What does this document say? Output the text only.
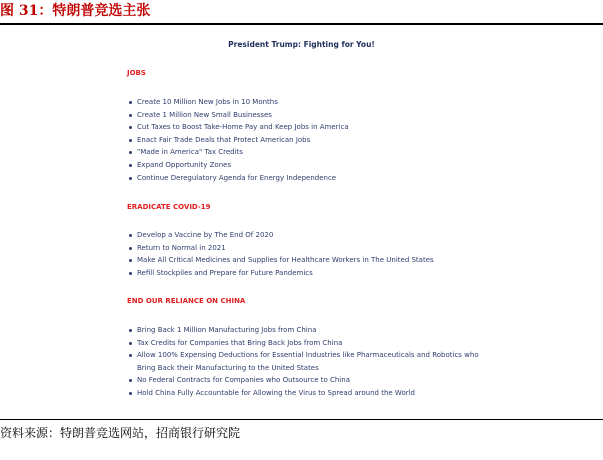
图 31：特朗普竞选主张
President Trump: Fighting for You!
JOBS
Create 10 Million New Jobs in 10 Months
Create 1 Million New Small Businesses
Cut Taxes to Boost Take-Home Pay and Keep Jobs in America
Enact Fair Trade Deals that Protect American Jobs
"Made in America" Tax Credits
Expand Opportunity Zones
Continue Deregulatory Agenda for Energy Independence
ERADICATE COVID-19
Develop a Vaccine by The End Of 2020
Return to Normal in 2021
Make All Critical Medicines and Supplies for Healthcare Workers in The United States
Refill Stockpiles and Prepare for Future Pandemics
END OUR RELIANCE ON CHINA
Bring Back 1 Million Manufacturing Jobs from China
Tax Credits for Companies that Bring Back Jobs from China
Allow 100% Expensing Deductions for Essential Industries like Pharmaceuticals and Robotics who
Bring Back their Manufacturing to the United States
No Federal Contracts for Companies who Outsource to China
Hold China Fully Accountable for Allowing the Virus to Spread around the World
资料来源：特朗普竞选网站，招商银行研究院
